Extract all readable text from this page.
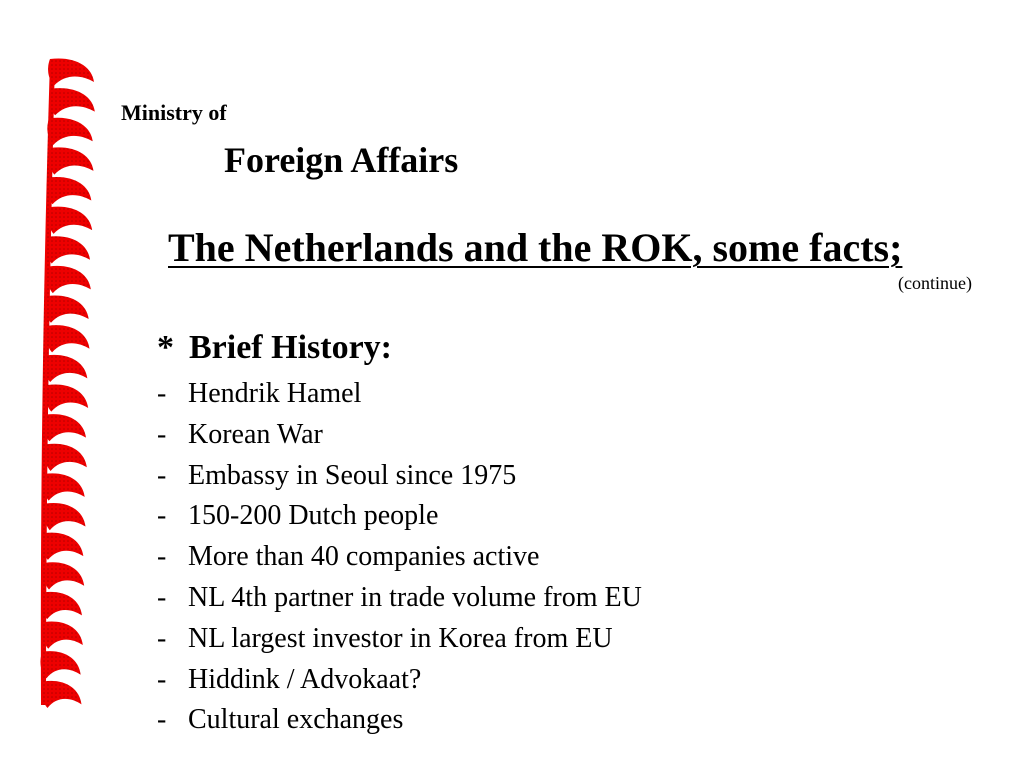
Ministry of
Foreign Affairs
The Netherlands and the ROK, some facts;
(continue)
* Brief History:
- Hendrik Hamel
- Korean War
- Embassy in Seoul since 1975
- 150-200 Dutch people
- More than 40 companies active
- NL 4th partner in trade volume from EU
- NL largest investor in Korea from EU
- Hiddink / Advokaat?
- Cultural exchanges
